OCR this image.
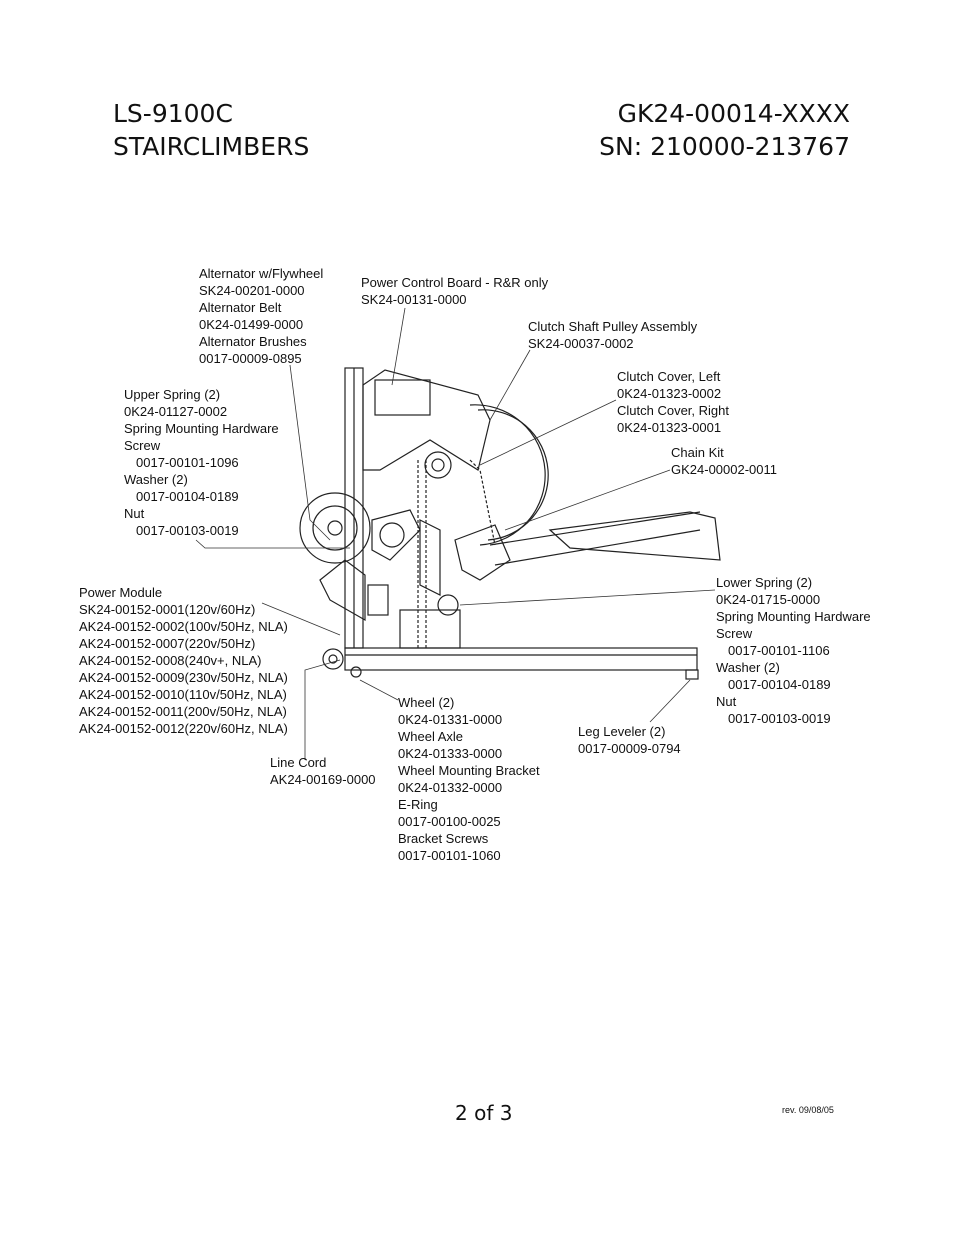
LS-9100C
STAIRCLIMBERS
GK24-00014-XXXX
SN: 210000-213767
Alternator w/Flywheel
SK24-00201-0000
Alternator Belt
0K24-01499-0000
Alternator Brushes
0017-00009-0895
Power Control Board - R&R only
SK24-00131-0000
Clutch Shaft Pulley Assembly
SK24-00037-0002
Clutch Cover, Left
0K24-01323-0002
Clutch Cover, Right
0K24-01323-0001
Chain Kit
GK24-00002-0011
Upper Spring (2)
0K24-01127-0002
Spring Mounting Hardware
Screw
0017-00101-1096
Washer (2)
0017-00104-0189
Nut
0017-00103-0019
Power Module
SK24-00152-0001(120v/60Hz)
AK24-00152-0002(100v/50Hz, NLA)
AK24-00152-0007(220v/50Hz)
AK24-00152-0008(240v+, NLA)
AK24-00152-0009(230v/50Hz, NLA)
AK24-00152-0010(110v/50Hz, NLA)
AK24-00152-0011(200v/50Hz, NLA)
AK24-00152-0012(220v/60Hz, NLA)
Lower Spring (2)
0K24-01715-0000
Spring Mounting Hardware
Screw
0017-00101-1106
Washer (2)
0017-00104-0189
Nut
0017-00103-0019
Line Cord
AK24-00169-0000
Wheel (2)
0K24-01331-0000
Wheel Axle
0K24-01333-0000
Wheel Mounting Bracket
0K24-01332-0000
E-Ring
0017-00100-0025
Bracket Screws
0017-00101-1060
Leg Leveler (2)
0017-00009-0794
2 of 3	rev. 09/08/05
